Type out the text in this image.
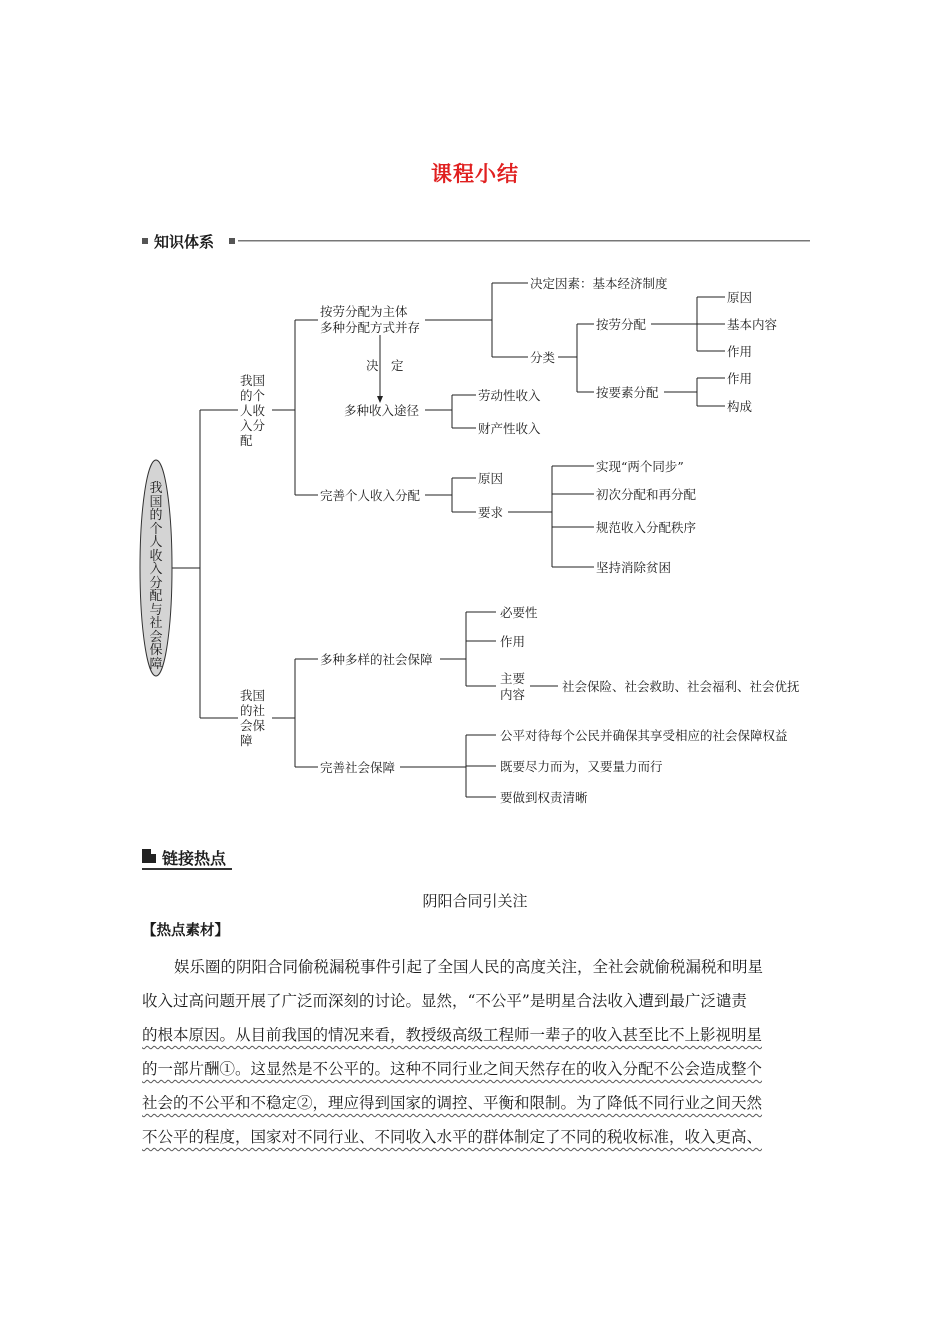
课程小结
知识体系
我国的个人收入分配与社会保障
我国的个人收入分配
按劳分配为主体
多种分配方式并存
决定因素：基本经济制度
分类
按劳分配
原因
基本内容
作用
按要素分配
作用
构成
决　定
多种收入途径
劳动性收入
财产性收入
完善个人收入分配
原因
要求
实现“两个同步”
初次分配和再分配
规范收入分配秩序
坚持消除贫困
我国的社会保障
多种多样的社会保障
必要性
作用
主要
内容
社会保险、社会救助、社会福利、社会优抚
完善社会保障
公平对待每个公民并确保其享受相应的社会保障权益
既要尽力而为，又要量力而行
要做到权责清晰
链接热点
阴阳合同引关注
【热点素材】
娱乐圈的阴阳合同偷税漏税事件引起了全国人民的高度关注，全社会就偷税漏税和明星
收入过高问题开展了广泛而深刻的讨论。显然，“不公平”是明星合法收入遭到最广泛谴责
的根本原因。从目前我国的情况来看，教授级高级工程师一辈子的收入甚至比不上影视明星
的一部片酬①。这显然是不公平的。这种不同行业之间天然存在的收入分配不公会造成整个
社会的不公平和不稳定②，理应得到国家的调控、平衡和限制。为了降低不同行业之间天然
不公平的程度，国家对不同行业、不同收入水平的群体制定了不同的税收标准，收入更高、
